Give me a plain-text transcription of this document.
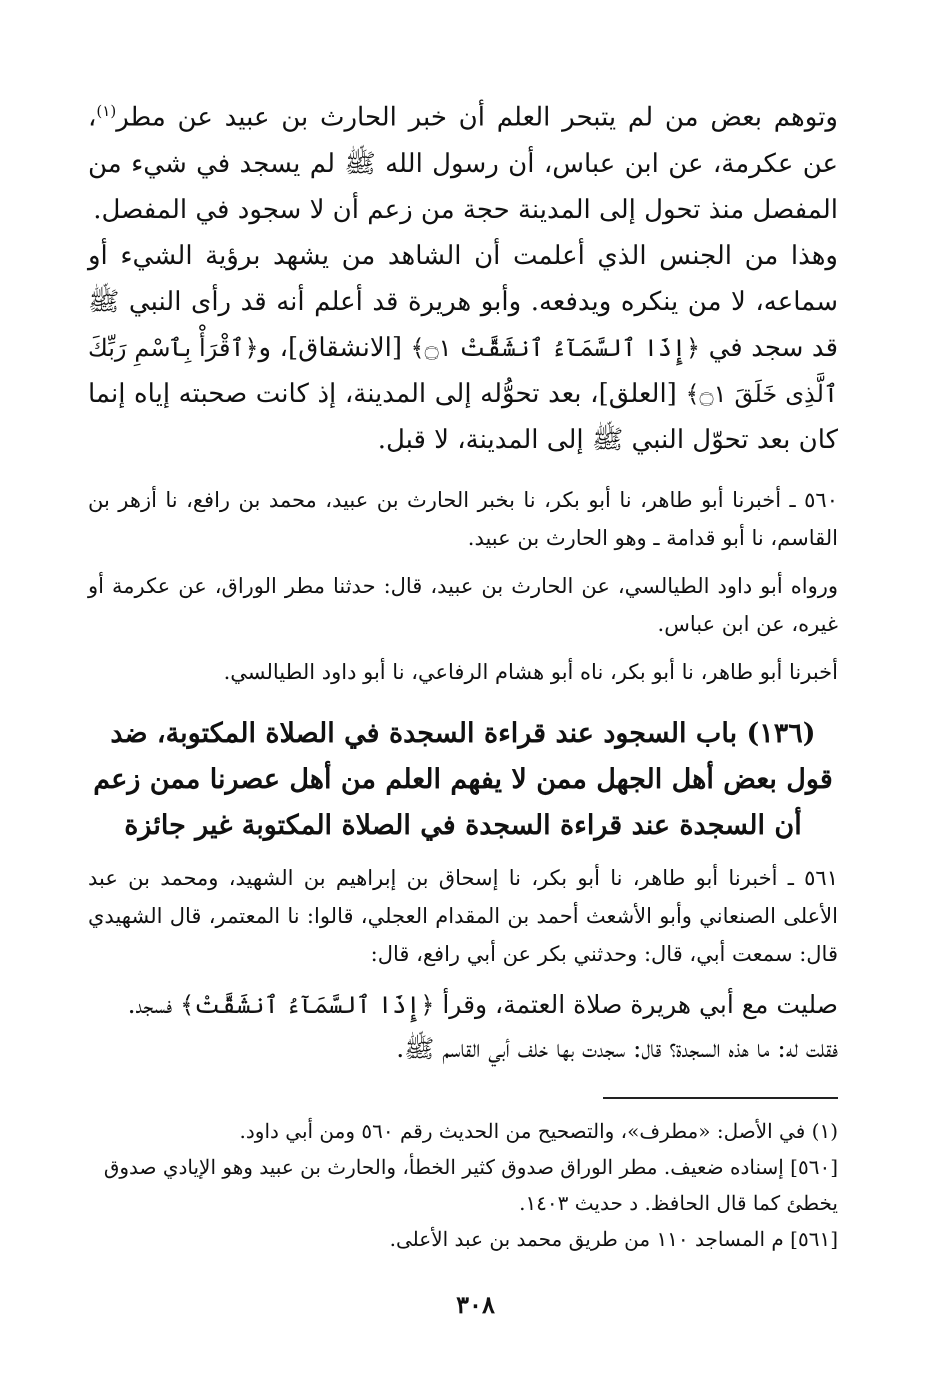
وتوهم بعض من لم يتبحر العلم أن خبر الحارث بن عبيد عن مطر$^{(١)}$، عن عكرمة، عن ابن عباس، أن رسول الله ﷺ لم يسجد في شيء من المفصل منذ تحول إلى المدينة حجة من زعم أن لا سجود في المفصل.

وهذا من الجنس الذي أعلمت أن الشاهد من يشهد برؤية الشيء أو سماعه، لا من ينكره ويدفعه. وأبو هريرة قد أعلم أنه قد رأى النبي ﷺ قد سجد في ﴿إِذَا ٱلسَّمَآءُ ٱنشَقَّتْ ۝١﴾ [الانشقاق]، و﴿ٱقْرَأْ بِٱسْمِ رَبِّكَ ٱلَّذِى خَلَقَ ۝١﴾ [العلق]، بعد تحوُّله إلى المدينة، إذ كانت صحبته إياه إنما كان بعد تحوّل النبي ﷺ إلى المدينة، لا قبل.

٥٦٠ ـ أخبرنا أبو طاهر، نا أبو بكر، نا بخبر الحارث بن عبيد، محمد بن رافع، نا أزهر بن القاسم، نا أبو قدامة ـ وهو الحارث بن عبيد.

ورواه أبو داود الطيالسي، عن الحارث بن عبيد، قال: حدثنا مطر الوراق، عن عكرمة أو غيره، عن ابن عباس.

أخبرنا أبو طاهر، نا أبو بكر، ناه أبو هشام الرفاعي، نا أبو داود الطيالسي.

(١٣٦) باب السجود عند قراءة السجدة في الصلاة المكتوبة، ضد

قول بعض أهل الجهل ممن لا يفهم العلم من أهل عصرنا ممن زعم

أن السجدة عند قراءة السجدة في الصلاة المكتوبة غير جائزة

٥٦١ ـ أخبرنا أبو طاهر، نا أبو بكر، نا إسحاق بن إبراهيم بن الشهيد، ومحمد بن عبد الأعلى الصنعاني وأبو الأشعث أحمد بن المقدام العجلي، قالوا: نا المعتمر، قال الشهيدي قال: سمعت أبي، قال: وحدثني بكر عن أبي رافع، قال:

صليت مع أبي هريرة صلاة العتمة، وقرأ ﴿إِذَا ٱلسَّمَآءُ ٱنشَقَّتْ﴾ فسجد. فقلت له: ما هذه السجدة؟ قال: سجدت بها خلف أبي القاسم ﷺ.

(١) في الأصل: «مطرف»، والتصحيح من الحديث رقم ٥٦٠ ومن أبي داود.

[٥٦٠] إسناده ضعيف. مطر الوراق صدوق كثير الخطأ، والحارث بن عبيد وهو الإيادي صدوق يخطئ كما قال الحافظ. د حديث ١٤٠٣.

[٥٦١] م المساجد ١١٠ من طريق محمد بن عبد الأعلى.

٣٠٨
